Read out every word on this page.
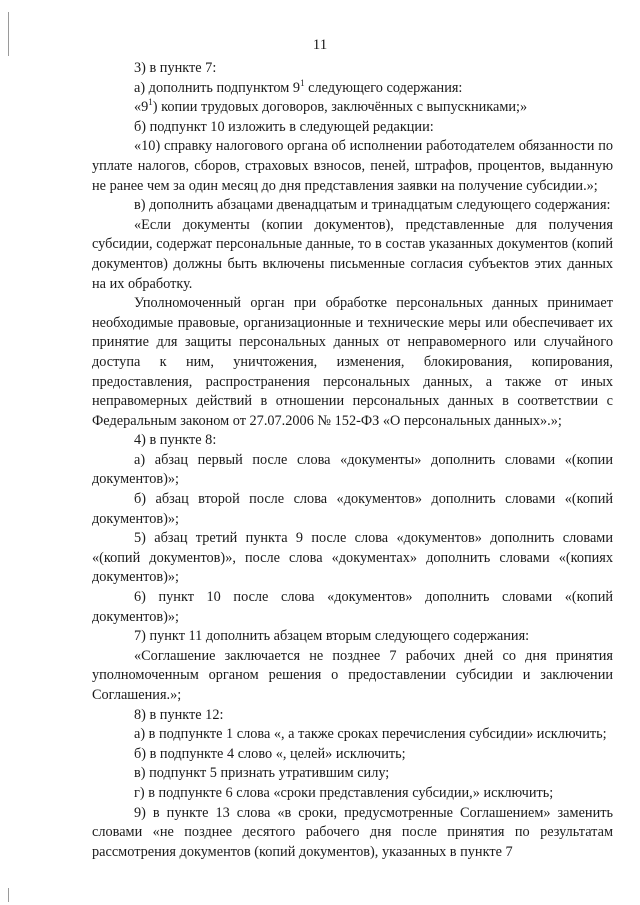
11

3) в пункте 7:

а) дополнить подпунктом $9^1$ следующего содержания:

«$9^1$) копии трудовых договоров, заключённых с выпускниками;»

б) подпункт 10 изложить в следующей редакции:

«10) справку налогового органа об исполнении работодателем обязанности по уплате налогов, сборов, страховых взносов, пеней, штрафов, процентов, выданную не ранее чем за один месяц до дня представления заявки на получение субсидии.»;

в) дополнить абзацами двенадцатым и тринадцатым следующего содержания:

«Если документы (копии документов), представленные для получения субсидии, содержат персональные данные, то в состав указанных документов (копий документов) должны быть включены письменные согласия субъектов этих данных на их обработку.

Уполномоченный орган при обработке персональных данных принимает необходимые правовые, организационные и технические меры или обеспечивает их принятие для защиты персональных данных от неправомерного или случайного доступа к ним, уничтожения, изменения, блокирования, копирования, предоставления, распространения персональных данных, а также от иных неправомерных действий в отношении персональных данных в соответствии с Федеральным законом от 27.07.2006 № 152-ФЗ «О персональных данных».»;

4) в пункте 8:

а) абзац первый после слова «документы» дополнить словами «(копии документов)»;

б) абзац второй после слова «документов» дополнить словами «(копий документов)»;

5) абзац третий пункта 9 после слова «документов» дополнить словами «(копий документов)», после слова «документах» дополнить словами «(копиях документов)»;

6) пункт 10 после слова «документов» дополнить словами «(копий документов)»;

7) пункт 11 дополнить абзацем вторым следующего содержания:

«Соглашение заключается не позднее 7 рабочих дней со дня принятия уполномоченным органом решения о предоставлении субсидии и заключении Соглашения.»;

8) в пункте 12:

а) в подпункте 1 слова «, а также сроках перечисления субсидии» исключить;

б) в подпункте 4 слово «, целей» исключить;

в) подпункт 5 признать утратившим силу;

г) в подпункте 6 слова «сроки представления субсидии,» исключить;

9) в пункте 13 слова «в сроки, предусмотренные Соглашением» заменить словами «не позднее десятого рабочего дня после принятия по результатам рассмотрения документов (копий документов), указанных в пункте 7
